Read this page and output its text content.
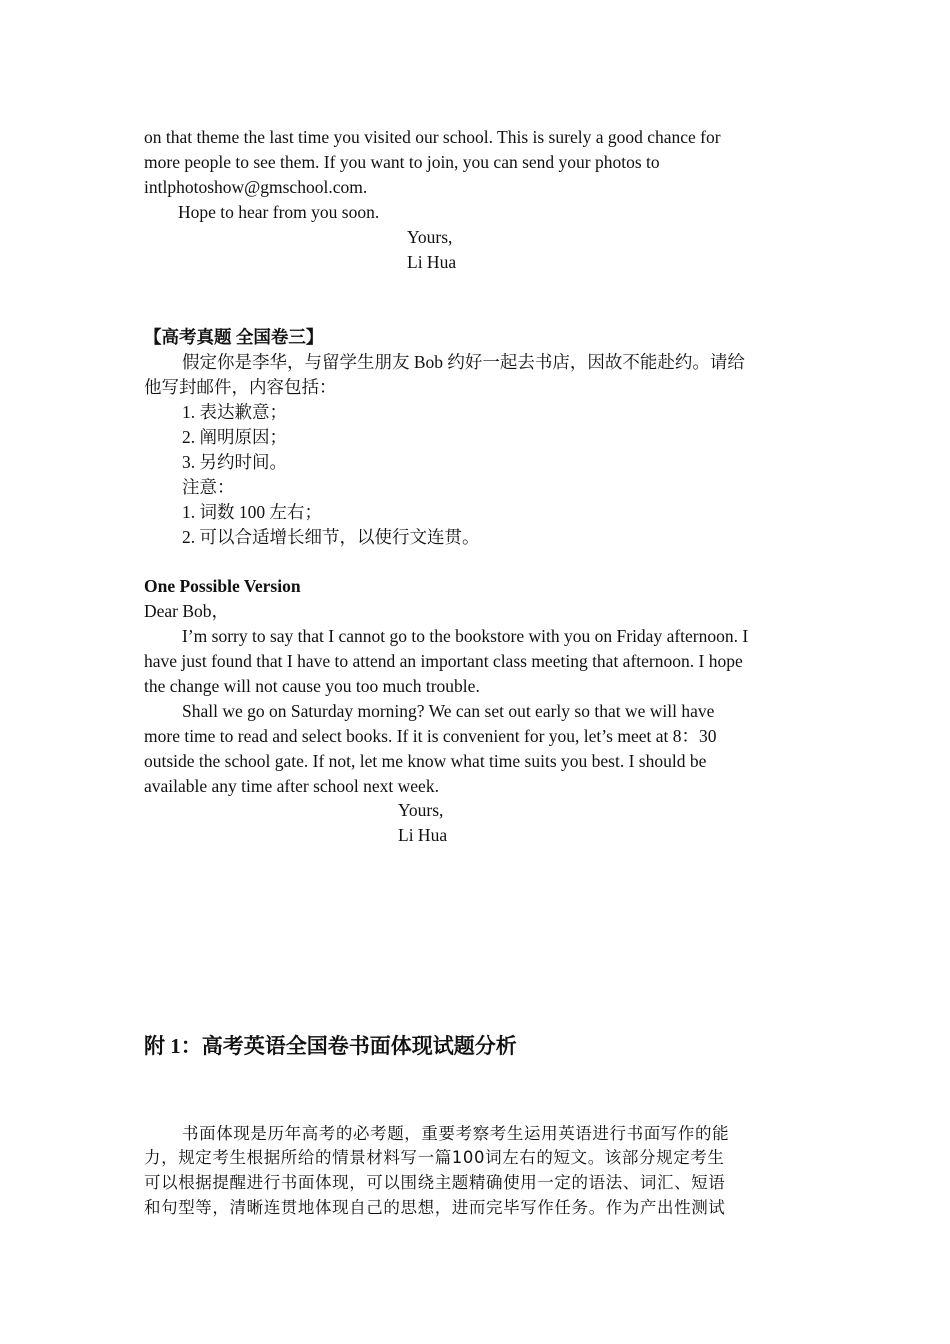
on that theme the last time you visited our school. This is surely a good chance for
more people to see them. If you want to join, you can send your photos to
intlphotoshow@gmschool.com.
Hope to hear from you soon.
Yours,
Li Hua
【高考真题 全国卷三】
假定你是李华，与留学生朋友 Bob 约好一起去书店，因故不能赴约。请给
他写封邮件，内容包括：
1. 表达歉意；
2. 阐明原因；
3. 另约时间。
注意：
1. 词数 100 左右；
2. 可以合适增长细节，以使行文连贯。
One Possible Version
Dear Bob，
I’m sorry to say that I cannot go to the bookstore with you on Friday afternoon. I
have just found that I have to attend an important class meeting that afternoon. I hope
the change will not cause you too much trouble.
Shall we go on Saturday morning? We can set out early so that we will have
more time to read and select books. If it is convenient for you, let’s meet at 8：30
outside the school gate. If not, let me know what time suits you best. I should be
available any time after school next week.
Yours,
Li Hua
附 1：高考英语全国卷书面体现试题分析
书面体现是历年高考的必考题，重要考察考生运用英语进行书面写作的能
力，规定考生根据所给的情景材料写一篇100词左右的短文。该部分规定考生
可以根据提醒进行书面体现，可以围绕主题精确使用一定的语法、词汇、短语
和句型等，清晰连贯地体现自己的思想，进而完毕写作任务。作为产出性测试
